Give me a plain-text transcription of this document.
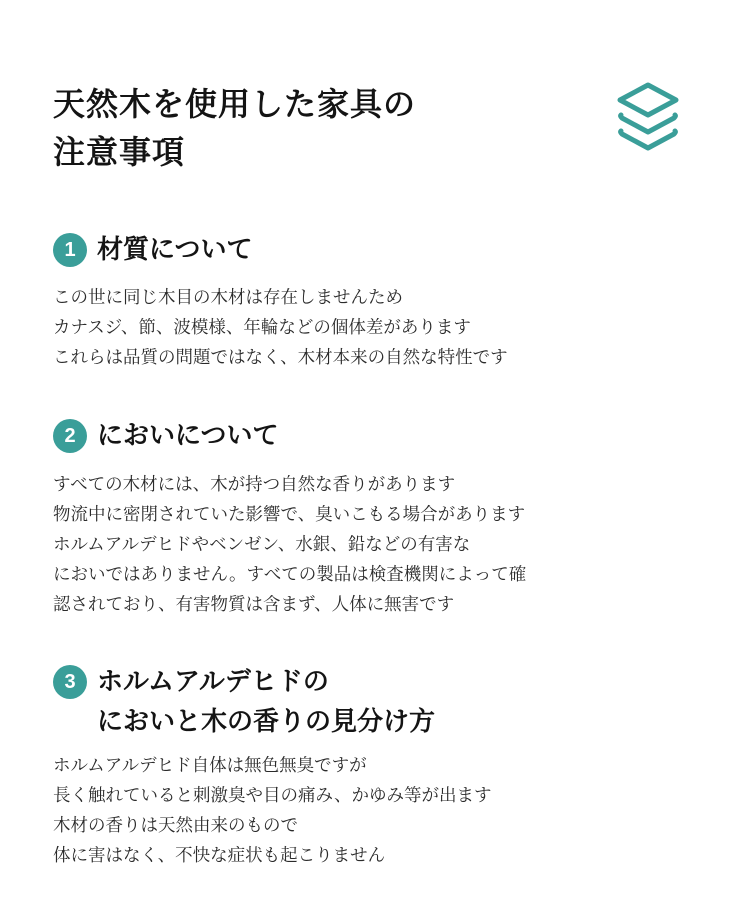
天然木を使用した家具の
注意事項
1 材質について
この世に同じ木目の木材は存在しませんため
カナスジ、節、波模様、年輪などの個体差があります
これらは品質の問題ではなく、木材本来の自然な特性です
2 においについて
すべての木材には、木が持つ自然な香りがあります
物流中に密閉されていた影響で、臭いこもる場合があります
ホルムアルデヒドやベンゼン、水銀、鉛などの有害な
においではありません。すべての製品は検査機関によって確
認されており、有害物質は含まず、人体に無害です
3 ホルムアルデヒドの
においと木の香りの見分け方
ホルムアルデヒド自体は無色無臭ですが
長く触れていると刺激臭や目の痛み、かゆみ等が出ます
木材の香りは天然由来のもので
体に害はなく、不快な症状も起こりません
